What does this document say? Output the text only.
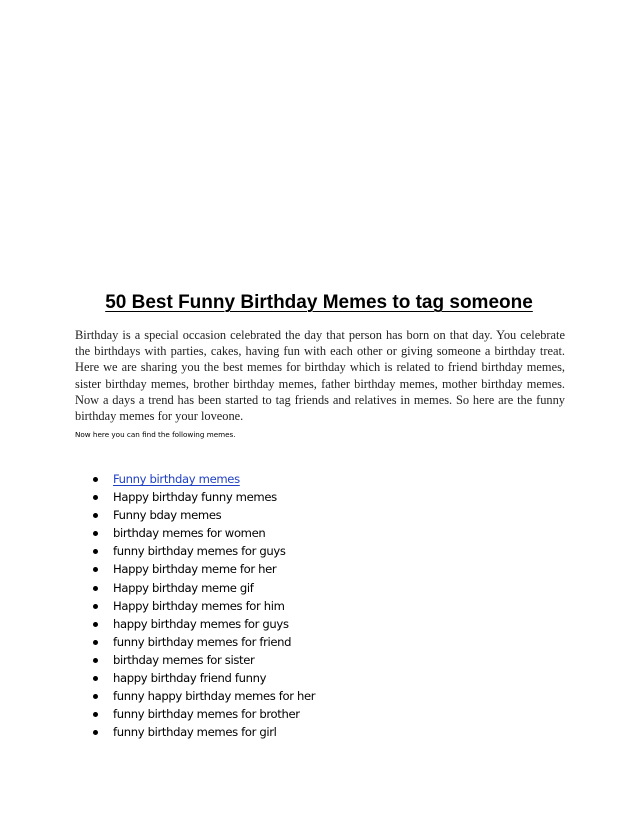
50 Best Funny Birthday Memes to tag someone

Birthday is a special occasion celebrated the day that person has born on that day. You celebrate the birthdays with parties, cakes, having fun with each other or giving someone a birthday treat. Here we are sharing you the best memes for birthday which is related to friend birthday memes, sister birthday memes, brother birthday memes, father birthday memes, mother birthday memes. Now a days a trend has been started to tag friends and relatives in memes. So here are the funny birthday memes for your loveone.

Now here you can find the following memes.

Funny birthday memes
Happy birthday funny memes
Funny bday memes
birthday memes for women
funny birthday memes for guys
Happy birthday meme for her
Happy birthday meme gif
Happy birthday memes for him
happy birthday memes for guys
funny birthday memes for friend
birthday memes for sister
happy birthday friend funny
funny happy birthday memes for her
funny birthday memes for brother
funny birthday memes for girl
